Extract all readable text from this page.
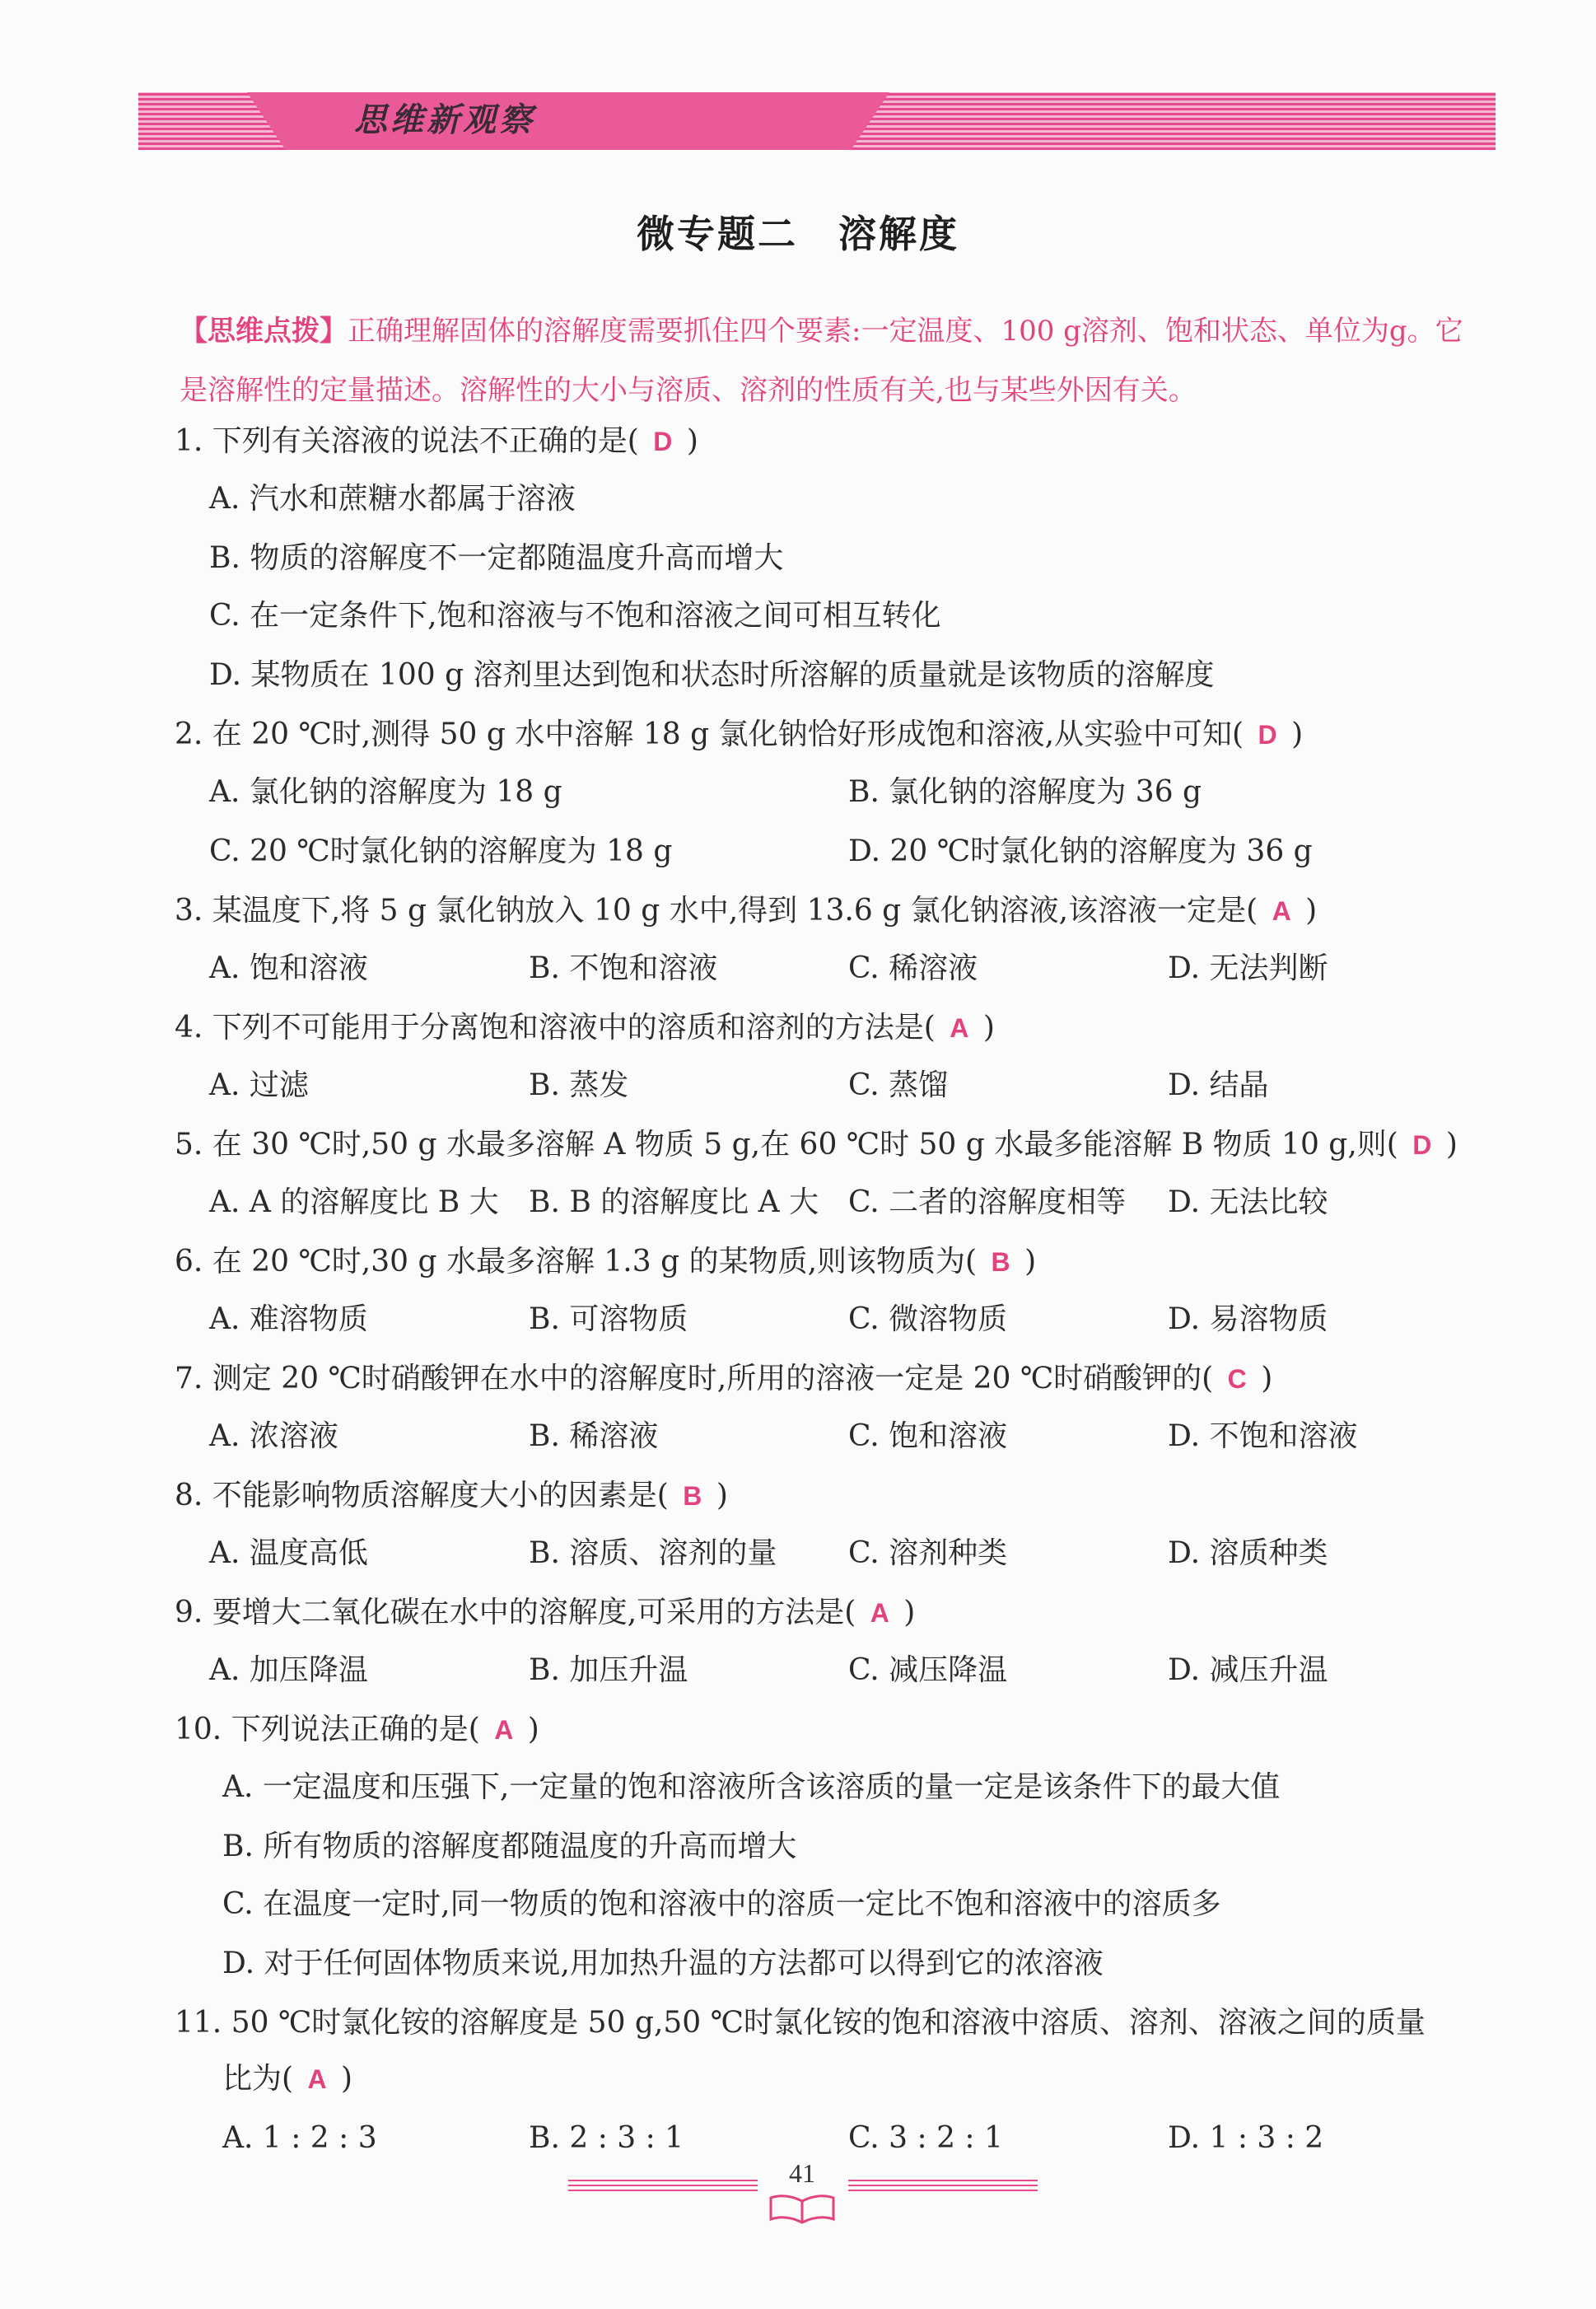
思维新观察
微专题二　溶解度
【思维点拨】正确理解固体的溶解度需要抓住四个要素:一定温度、100 g溶剂、饱和状态、单位为g。它是溶解性的定量描述。溶解性的大小与溶质、溶剂的性质有关,也与某些外因有关。
1. 下列有关溶液的说法不正确的是( D )
A. 汽水和蔗糖水都属于溶液
B. 物质的溶解度不一定都随温度升高而增大
C. 在一定条件下,饱和溶液与不饱和溶液之间可相互转化
D. 某物质在 100 g 溶剂里达到饱和状态时所溶解的质量就是该物质的溶解度
2. 在 20 ℃时,测得 50 g 水中溶解 18 g 氯化钠恰好形成饱和溶液,从实验中可知( D )
A. 氯化钠的溶解度为 18 g	B. 氯化钠的溶解度为 36 g
C. 20 ℃时氯化钠的溶解度为 18 g	D. 20 ℃时氯化钠的溶解度为 36 g
3. 某温度下,将 5 g 氯化钠放入 10 g 水中,得到 13.6 g 氯化钠溶液,该溶液一定是( A )
A. 饱和溶液	B. 不饱和溶液	C. 稀溶液	D. 无法判断
4. 下列不可能用于分离饱和溶液中的溶质和溶剂的方法是( A )
A. 过滤	B. 蒸发	C. 蒸馏	D. 结晶
5. 在 30 ℃时,50 g 水最多溶解 A 物质 5 g,在 60 ℃时 50 g 水最多能溶解 B 物质 10 g,则( D )
A. A 的溶解度比 B 大 B. B 的溶解度比 A 大 C. 二者的溶解度相等 D. 无法比较
6. 在 20 ℃时,30 g 水最多溶解 1.3 g 的某物质,则该物质为( B )
A. 难溶物质	B. 可溶物质	C. 微溶物质	D. 易溶物质
7. 测定 20 ℃时硝酸钾在水中的溶解度时,所用的溶液一定是 20 ℃时硝酸钾的( C )
A. 浓溶液	B. 稀溶液	C. 饱和溶液	D. 不饱和溶液
8. 不能影响物质溶解度大小的因素是( B )
A. 温度高低	B. 溶质、溶剂的量 C. 溶剂种类	D. 溶质种类
9. 要增大二氧化碳在水中的溶解度,可采用的方法是( A )
A. 加压降温	B. 加压升温	C. 减压降温	D. 减压升温
10. 下列说法正确的是( A )
A. 一定温度和压强下,一定量的饱和溶液所含该溶质的量一定是该条件下的最大值
B. 所有物质的溶解度都随温度的升高而增大
C. 在温度一定时,同一物质的饱和溶液中的溶质一定比不饱和溶液中的溶质多
D. 对于任何固体物质来说,用加热升温的方法都可以得到它的浓溶液
11. 50 ℃时氯化铵的溶解度是 50 g,50 ℃时氯化铵的饱和溶液中溶质、溶剂、溶液之间的质量
比为( A )
A. 1 : 2 : 3	B. 2 : 3 : 1	C. 3 : 2 : 1	D. 1 : 3 : 2
41
